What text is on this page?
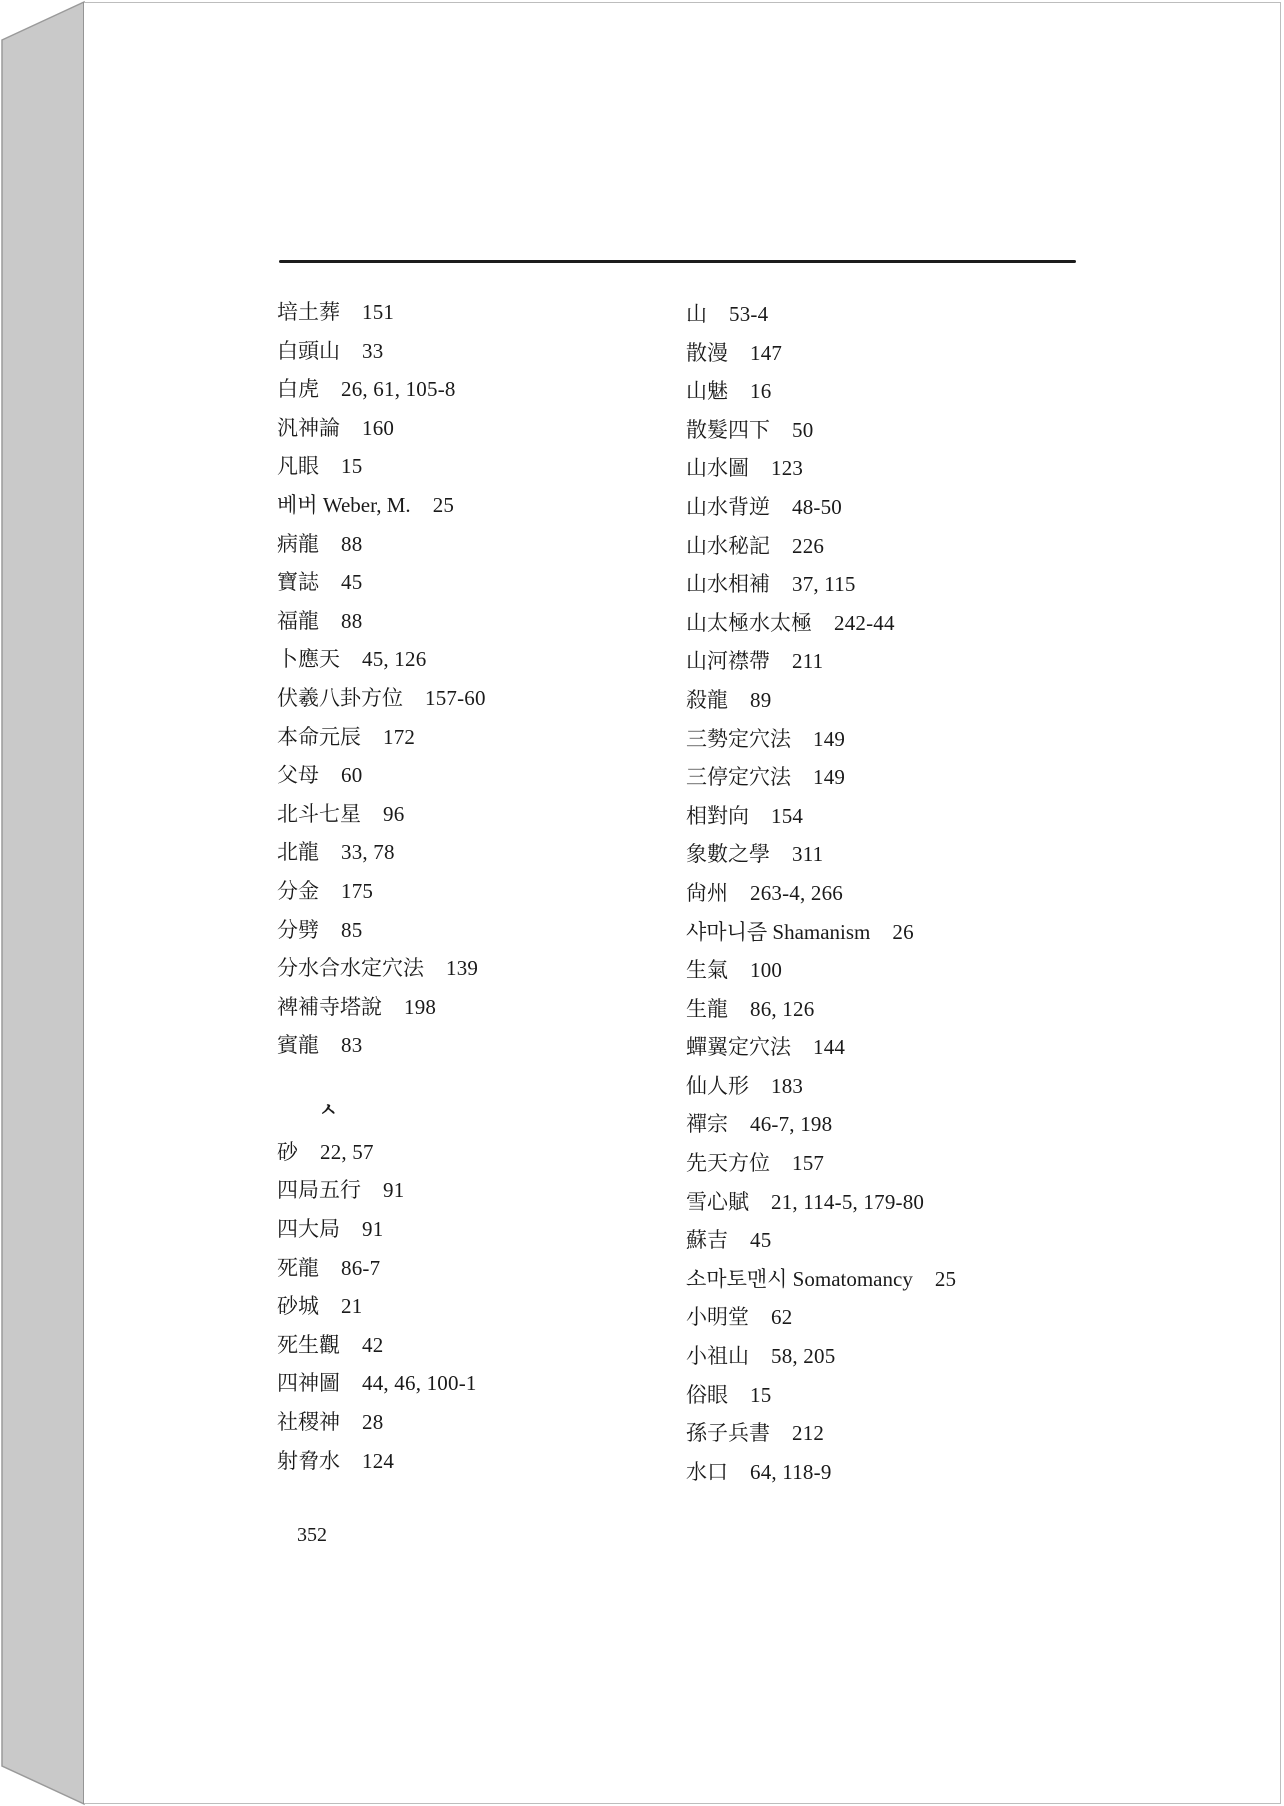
培土葬 151
白頭山 33
白虎 26, 61, 105-8
汎神論 160
凡眼 15
베버 Weber, M. 25
病龍 88
寶誌 45
福龍 88
卜應天 45, 126
伏羲八卦方位 157-60
本命元辰 172
父母 60
北斗七星 96
北龍 33, 78
分金 175
分劈 85
分水合水定穴法 139
裨補寺塔說 198
賓龍 83
ㅅ
砂 22, 57
四局五行 91
四大局 91
死龍 86-7
砂城 21
死生觀 42
四神圖 44, 46, 100-1
社稷神 28
射脅水 124
山 53-4
散漫 147
山魅 16
散髮四下 50
山水圖 123
山水背逆 48-50
山水秘記 226
山水相補 37, 115
山太極水太極 242-44
山河襟帶 211
殺龍 89
三勢定穴法 149
三停定穴法 149
相對向 154
象數之學 311
尙州 263-4, 266
샤마니즘 Shamanism 26
生氣 100
生龍 86, 126
蟬翼定穴法 144
仙人形 183
禪宗 46-7, 198
先天方位 157
雪心賦 21, 114-5, 179-80
蘇吉 45
소마토맨시 Somatomancy 25
小明堂 62
小祖山 58, 205
俗眼 15
孫子兵書 212
水口 64, 118-9
352
